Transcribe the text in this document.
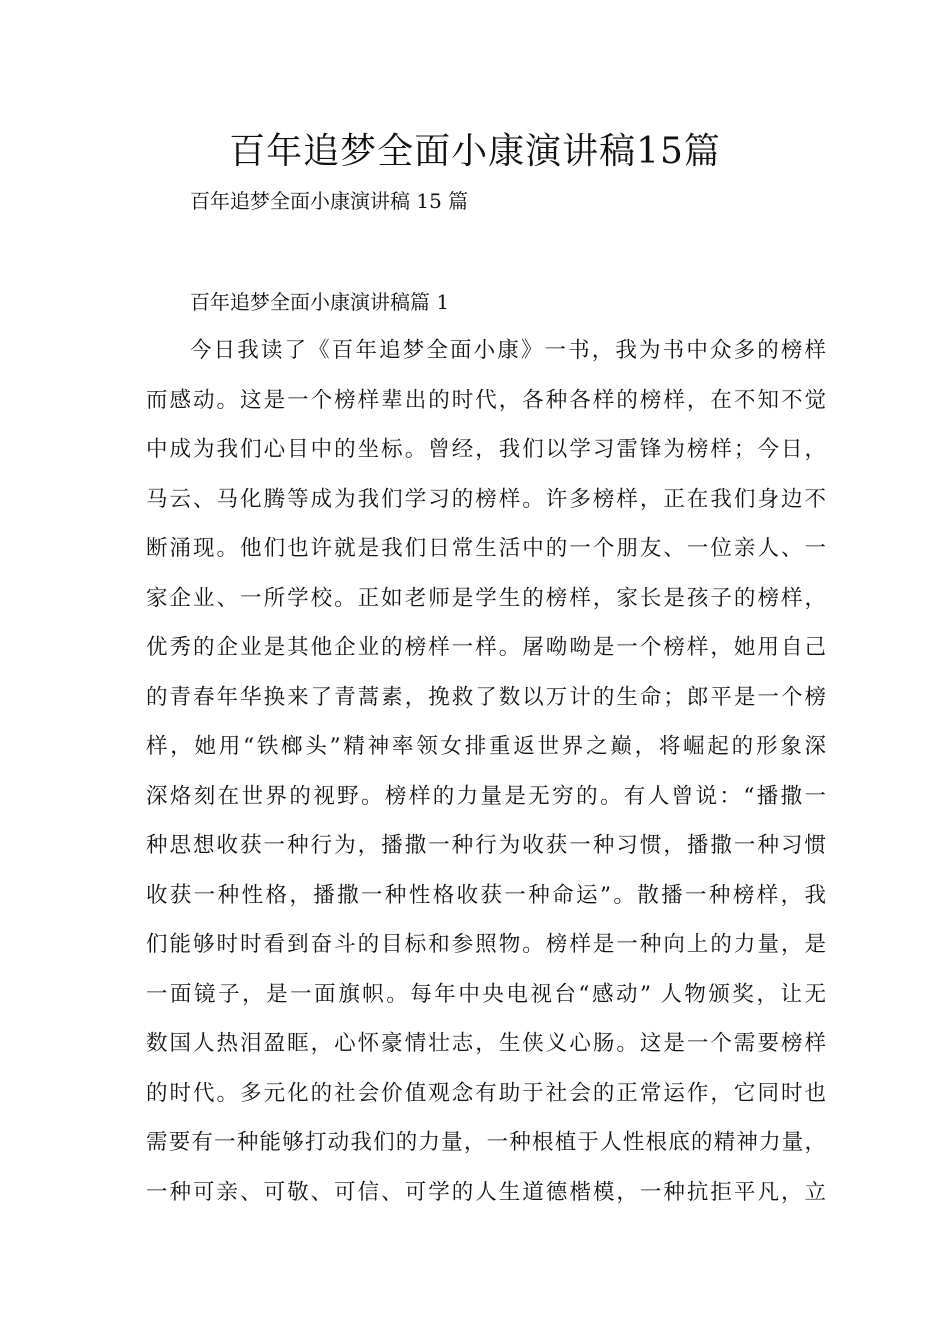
百年追梦全面小康演讲稿15篇

百年追梦全面小康演讲稿 15 篇

百年追梦全面小康演讲稿篇 1

今日我读了《百年追梦全面小康》一书，我为书中众多的榜样
而感动。这是一个榜样辈出的时代，各种各样的榜样，在不知不觉
中成为我们心目中的坐标。曾经，我们以学习雷锋为榜样；今日，
马云、马化腾等成为我们学习的榜样。许多榜样，正在我们身边不
断涌现。他们也许就是我们日常生活中的一个朋友、一位亲人、一
家企业、一所学校。正如老师是学生的榜样，家长是孩子的榜样，
优秀的企业是其他企业的榜样一样。屠呦呦是一个榜样，她用自己
的青春年华换来了青蒿素，挽救了数以万计的生命；郎平是一个榜
样，她用“铁榔头”精神率领女排重返世界之巅，将崛起的形象深
深烙刻在世界的视野。榜样的力量是无穷的。有人曾说：“播撒一
种思想收获一种行为，播撒一种行为收获一种习惯，播撒一种习惯
收获一种性格，播撒一种性格收获一种命运”。散播一种榜样，我
们能够时时看到奋斗的目标和参照物。榜样是一种向上的力量，是
一面镜子，是一面旗帜。每年中央电视台“感动” 人物颁奖，让无
数国人热泪盈眶，心怀豪情壮志，生侠义心肠。这是一个需要榜样
的时代。多元化的社会价值观念有助于社会的正常运作，它同时也
需要有一种能够打动我们的力量，一种根植于人性根底的精神力量，
一种可亲、可敬、可信、可学的人生道德楷模，一种抗拒平凡，立
